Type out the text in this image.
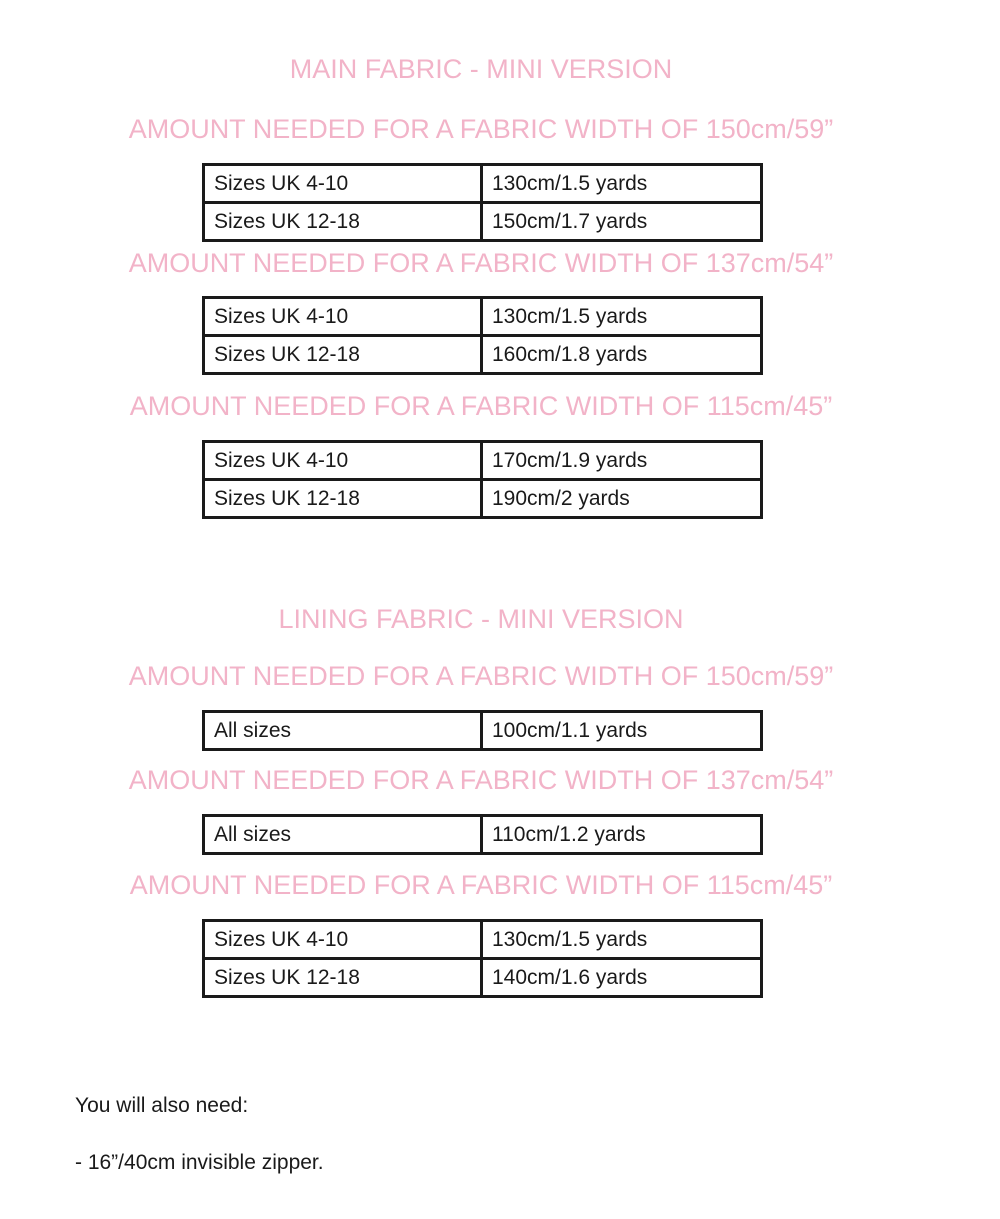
MAIN FABRIC - MINI VERSION
AMOUNT NEEDED FOR A FABRIC WIDTH OF 150cm/59”
Sizes UK 4-10	130cm/1.5 yards
Sizes UK 12-18	150cm/1.7 yards
AMOUNT NEEDED FOR A FABRIC WIDTH OF 137cm/54”
Sizes UK 4-10	130cm/1.5 yards
Sizes UK 12-18	160cm/1.8 yards
AMOUNT NEEDED FOR A FABRIC WIDTH OF 115cm/45”
Sizes UK 4-10	170cm/1.9 yards
Sizes UK 12-18	190cm/2 yards
LINING FABRIC - MINI VERSION
AMOUNT NEEDED FOR A FABRIC WIDTH OF 150cm/59”
All sizes	100cm/1.1 yards
AMOUNT NEEDED FOR A FABRIC WIDTH OF 137cm/54”
All sizes	110cm/1.2 yards
AMOUNT NEEDED FOR A FABRIC WIDTH OF 115cm/45”
Sizes UK 4-10	130cm/1.5 yards
Sizes UK 12-18	140cm/1.6 yards

You will also need:

- 16”/40cm invisible zipper.
